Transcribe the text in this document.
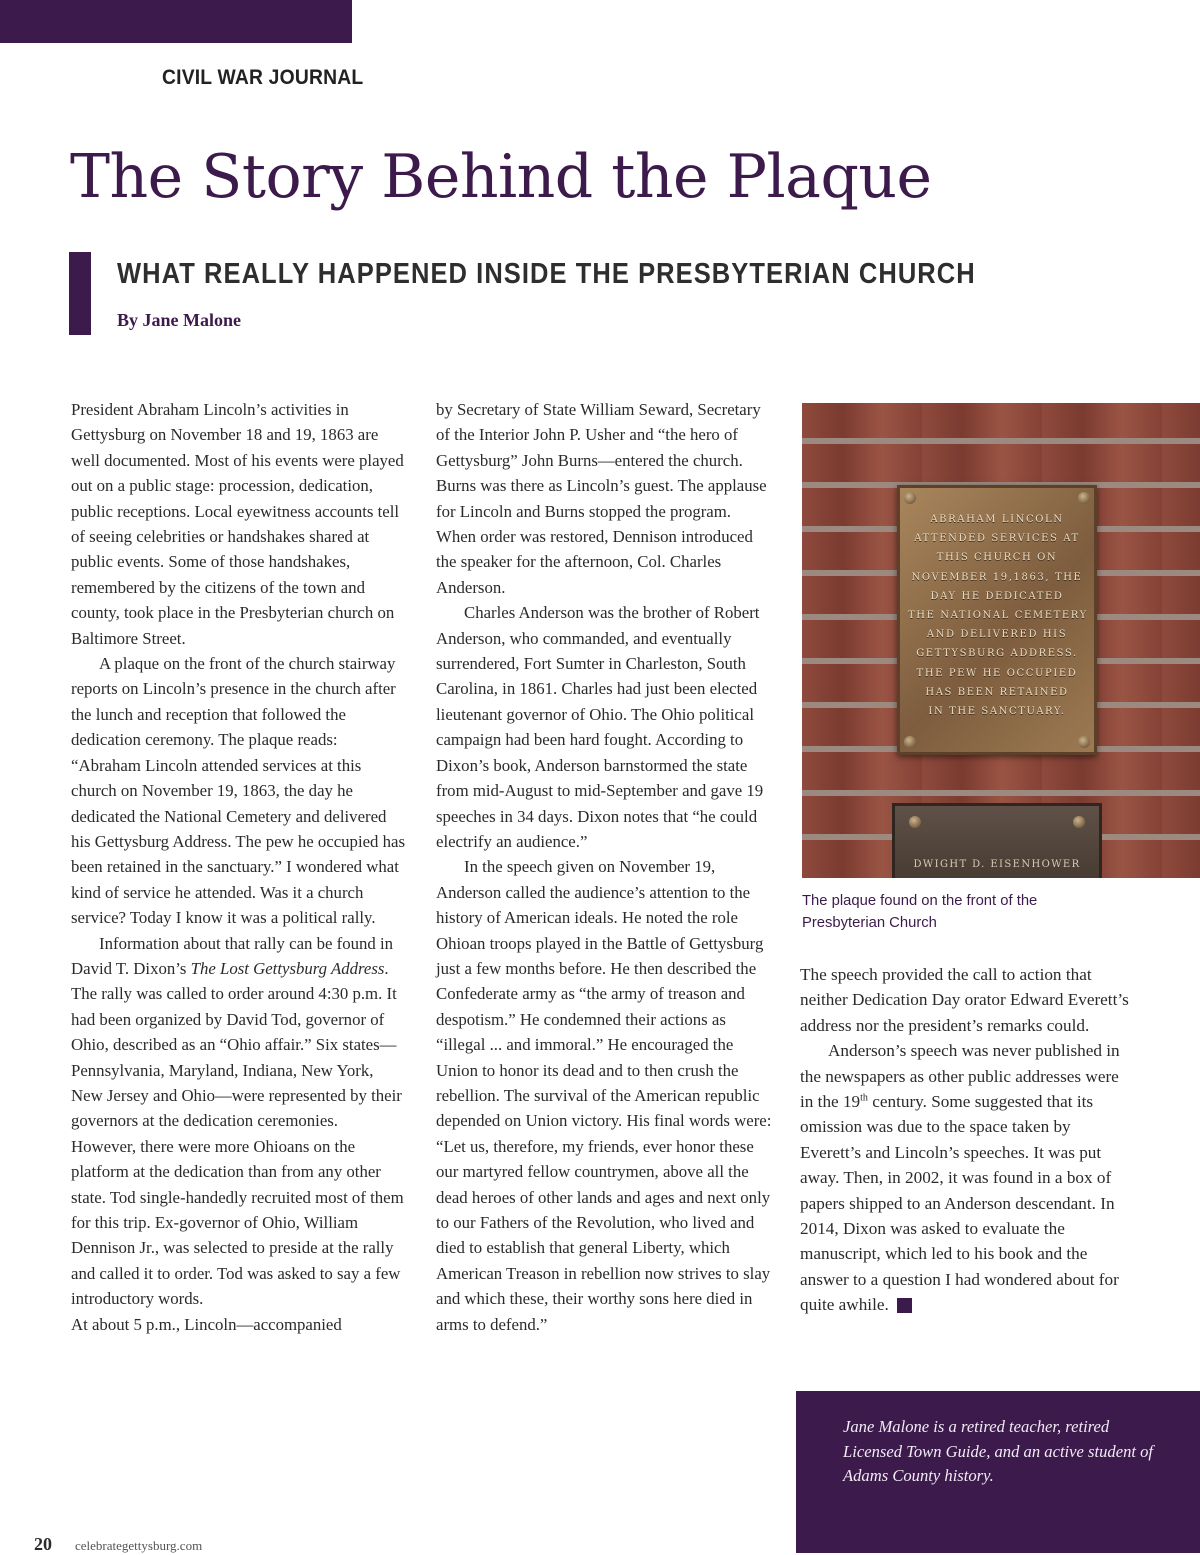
CIVIL WAR JOURNAL
The Story Behind the Plaque
WHAT REALLY HAPPENED INSIDE THE PRESBYTERIAN CHURCH
By Jane Malone

President Abraham Lincoln’s activities in Gettysburg on November 18 and 19, 1863 are well documented. Most of his events were played out on a public stage: procession, dedication, public receptions. Local eyewitness accounts tell of seeing celebrities or handshakes shared at public events. Some of those handshakes, remembered by the citizens of the town and county, took place in the Presbyterian church on Baltimore Street.

A plaque on the front of the church stairway reports on Lincoln’s presence in the church after the lunch and reception that followed the dedication ceremony. The plaque reads: “Abraham Lincoln attended services at this church on November 19, 1863, the day he dedicated the National Cemetery and delivered his Gettysburg Address. The pew he occupied has been retained in the sanctuary.” I wondered what kind of service he attended. Was it a church service? Today I know it was a political rally.

Information about that rally can be found in David T. Dixon’s The Lost Gettysburg Address. The rally was called to order around 4:30 p.m. It had been organized by David Tod, governor of Ohio, described as an “Ohio affair.” Six states—Pennsylvania, Maryland, Indiana, New York, New Jersey and Ohio—were represented by their governors at the dedication ceremonies. However, there were more Ohioans on the platform at the dedication than from any other state. Tod single-handedly recruited most of them for this trip. Ex-governor of Ohio, William Dennison Jr., was selected to preside at the rally and called it to order. Tod was asked to say a few introductory words.

At about 5 p.m., Lincoln—accompanied

by Secretary of State William Seward, Secretary of the Interior John P. Usher and “the hero of Gettysburg” John Burns—entered the church. Burns was there as Lincoln’s guest. The applause for Lincoln and Burns stopped the program. When order was restored, Dennison introduced the speaker for the afternoon, Col. Charles Anderson.

Charles Anderson was the brother of Robert Anderson, who commanded, and eventually surrendered, Fort Sumter in Charleston, South Carolina, in 1861. Charles had just been elected lieutenant governor of Ohio. The Ohio political campaign had been hard fought. According to Dixon’s book, Anderson barnstormed the state from mid-August to mid-September and gave 19 speeches in 34 days. Dixon notes that “he could electrify an audience.”

In the speech given on November 19, Anderson called the audience’s attention to the history of American ideals. He noted the role Ohioan troops played in the Battle of Gettysburg just a few months before. He then described the Confederate army as “the army of treason and despotism.” He condemned their actions as “illegal ... and immoral.” He encouraged the Union to honor its dead and to then crush the rebellion. The survival of the American republic depended on Union victory. His final words were: “Let us, therefore, my friends, ever honor these our martyred fellow countrymen, above all the dead heroes of other lands and ages and next only to our Fathers of the Revolution, who lived and died to establish that general Liberty, which American Treason in rebellion now strives to slay and which these, their worthy sons here died in arms to defend.”

ABRAHAM LINCOLN
ATTENDED SERVICES AT
THIS CHURCH ON
NOVEMBER 19,1863, THE
DAY HE DEDICATED
THE NATIONAL CEMETERY
AND DELIVERED HIS
GETTYSBURG ADDRESS.
THE PEW HE OCCUPIED
HAS BEEN RETAINED
IN THE SANCTUARY.
DWIGHT D. EISENHOWER
The plaque found on the front of the Presbyterian Church

The speech provided the call to action that neither Dedication Day orator Edward Everett’s address nor the president’s remarks could.

Anderson’s speech was never published in the newspapers as other public addresses were in the 19th century. Some suggested that its omission was due to the space taken by Everett’s and Lincoln’s speeches. It was put away. Then, in 2002, it was found in a box of papers shipped to an Anderson descendant. In 2014, Dixon was asked to evaluate the manuscript, which led to his book and the answer to a question I had wondered about for quite awhile.	G

Jane Malone is a retired teacher, retired Licensed Town Guide, and an active student of Adams County history.
20 celebrategettysburg.com
